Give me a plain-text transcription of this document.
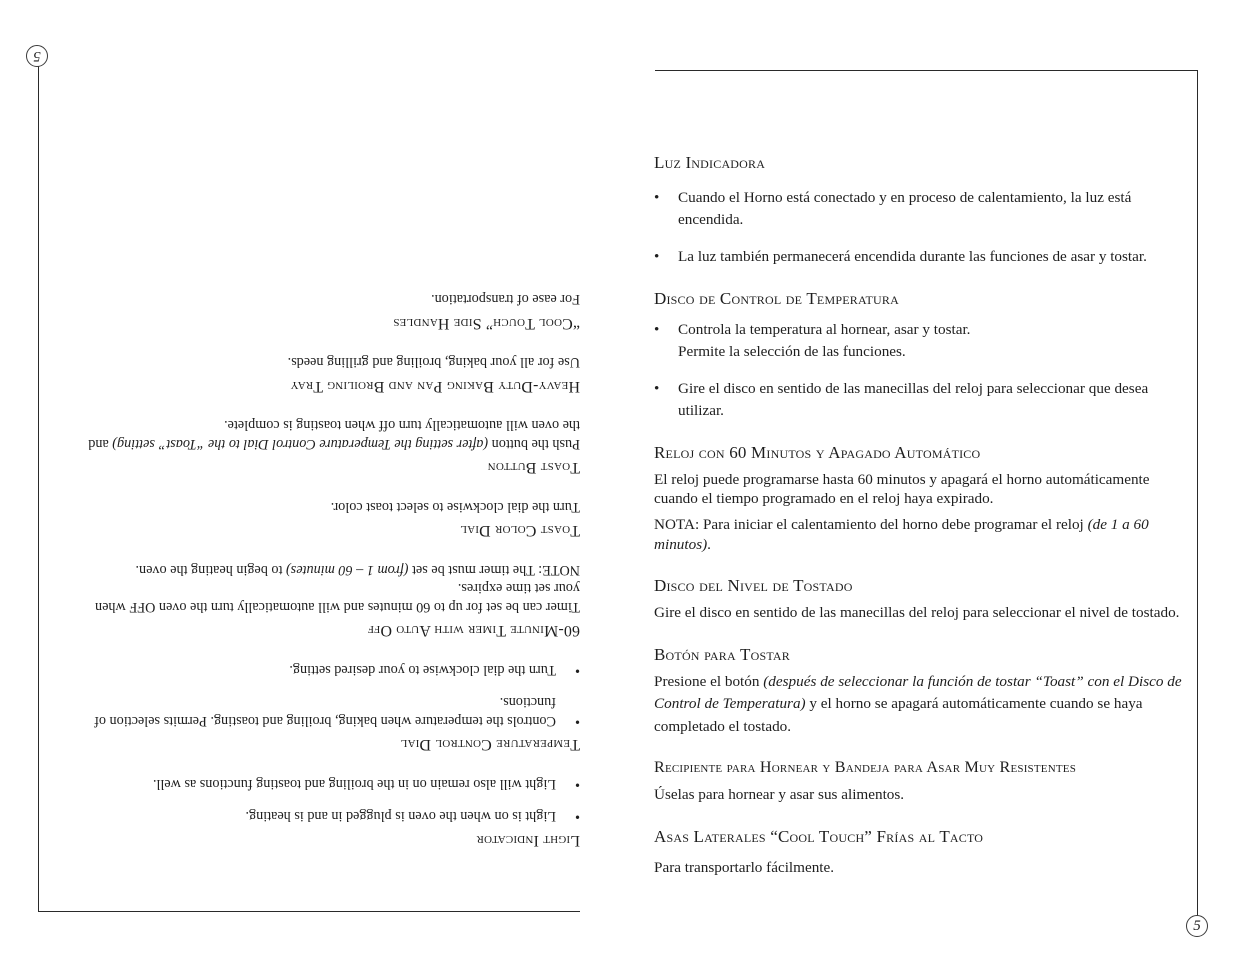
5
5
Light Indicator
• Light is on when the oven is plugged in and is heating.
• Light will also remain on in the broiling and toasting functions as well.
Temperature Control Dial
• Controls the temperature when baking, broiling and toasting. Permits selection of functions.
• Turn the dial clockwise to your desired setting.
60-Minute Timer with Auto Off

Timer can be set for up to 60 minutes and will automatically turn the oven OFF when your set time expires.

NOTE: The timer must be set (from 1 – 60 minutes) to begin heating the oven.

Toast Color Dial

Turn the dial clockwise to select toast color.

Toast Button

Push the button (after setting the Temperature Control Dial to the “Toast” setting) and the oven will automatically turn off when toasting is complete.

Heavy-Duty Baking Pan and Broiling Tray

Use for all your baking, broiling and grilling needs.

“Cool Touch” Side Handles

For ease of transportation.

Luz Indicadora
• Cuando el Horno está conectado y en proceso de calentamiento, la luz está encendida.
• La luz también permanecerá encendida durante las funciones de asar y tostar.
Disco de Control de Temperatura
• Controla la temperatura al hornear, asar y tostar.
Permite la selección de las funciones.
• Gire el disco en sentido de las manecillas del reloj para seleccionar que desea utilizar.
Reloj con 60 Minutos y Apagado Automático

El reloj puede programarse hasta 60 minutos y apagará el horno automáticamente cuando el tiempo programado en el reloj haya expirado.

NOTA: Para iniciar el calentamiento del horno debe programar el reloj (de 1 a 60 minutos).

Disco del Nivel de Tostado

Gire el disco en sentido de las manecillas del reloj para seleccionar el nivel de tostado.

Botón para Tostar

Presione el botón (después de seleccionar la función de tostar “Toast” con el Disco de Control de Temperatura) y el horno se apagará automáticamente cuando se haya completado el tostado.

Recipiente para Hornear y Bandeja para Asar Muy Resistentes

Úselas para hornear y asar sus alimentos.

Asas Laterales “Cool Touch” Frías al Tacto

Para transportarlo fácilmente.
